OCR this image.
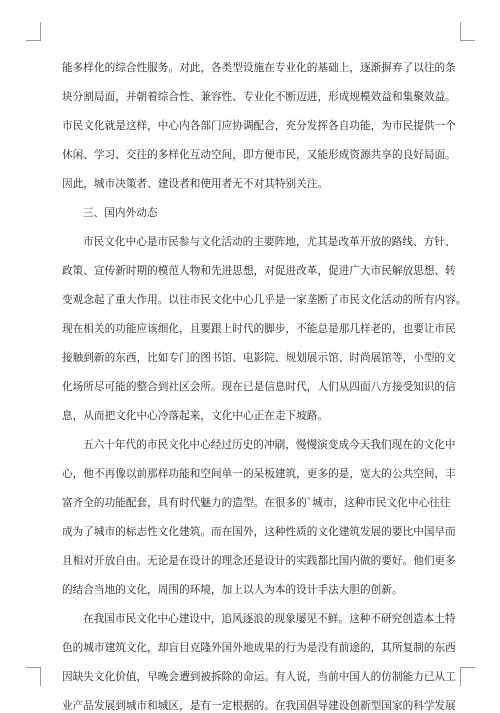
能多样化的综合性服务。对此，各类型设施在专业化的基础上，逐渐摒弃了以往的条
块分割局面，并朝着综合性、兼容性、专业化不断迈进，形成规模效益和集聚效益。
市民文化就是这样，中心内各部门应协调配合，充分发挥各自功能，为市民提供一个
休闲、学习、交往的多样化互动空间，即方便市民，又能形成资源共享的良好局面。
因此，城市决策者、建设者和使用者无不对其特别关注。
三、国内外动态
市民文化中心是市民参与文化活动的主要阵地，尤其是改革开放的路线、方针、
政策、宣传新时期的模范人物和先进思想，对促进改革，促进广大市民解放思想、转
变观念起了重大作用。以往市民文化中心几乎是一家垄断了市民文化活动的所有内容。
现在相关的功能应该细化，且要跟上时代的脚步，不能总是那几样老的，也要让市民
接触到新的东西，比如专门的图书馆、电影院、规划展示馆、时尚展馆等，小型的文
化场所尽可能的整合到社区会所。现在已是信息时代，人们从四面八方接受知识的信
息，从而把文化中心冷落起来，文化中心正在走下坡路。
五六十年代的市民文化中心经过历史的冲刷，慢慢演变成今天我们现在的文化中
心，他不再像以前那样功能和空间单一的呆板建筑，更多的是，宽大的公共空间，丰
富齐全的功能配套，具有时代魅力的造型。在很多的`城市，这种市民文化中心往往
成为了城市的标志性文化建筑。而在国外，这种性质的文化建筑发展的要比中国早而
且相对开放自由。无论是在设计的理念还是设计的实践都比国内做的要好。他们更多
的结合当地的文化，周围的环境，加上以人为本的设计手法大胆的创新。
在我国市民文化中心建设中，追风逐浪的现象屡见不鲜。这种不研究创造本土特
色的城市建筑文化，却盲目克隆外国外地成果的行为是没有前途的，其所复制的东西
因缺失文化价值，早晚会遭到被拆除的命运。有人说，当前中国人的仿制能力已从工
业产品发展到城市和城区，是有一定根据的。在我国倡导建设创新型国家的科学发展
